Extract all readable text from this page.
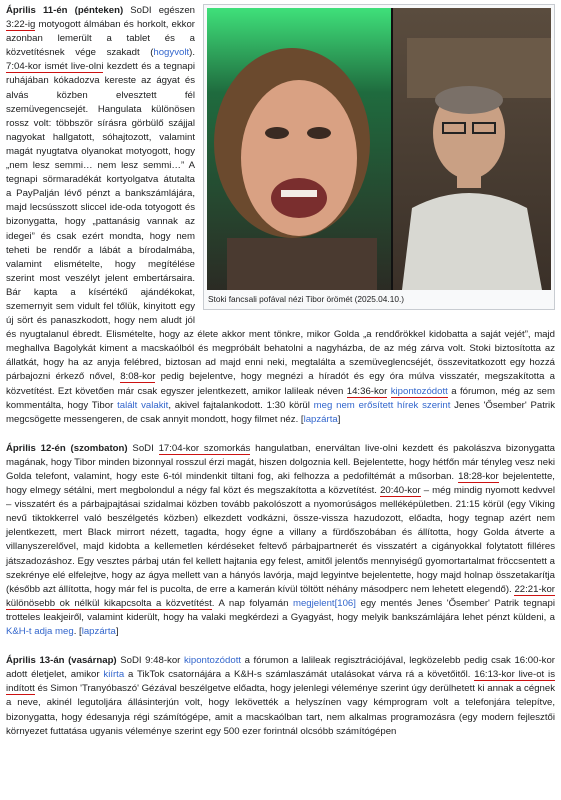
Stoki fancsali pofával nézi Tibor örömét (2025.04.10.)

Április 11-én (pénteken) SoDI egészen 3:22-ig motyogott álmában és horkolt, ekkor azonban lemerült a tablet és a közvetítésnek vége szakadt (hogyvolt). 7:04-kor ismét live-olni kezdett és a tegnapi ruhájában kókadozva kerestе az ágyat és alvás közben elvesztett fél szemüvegencsejét. Hangulata különösen rossz volt: többször sírásra görbülő szájjal nagyokat hallgatott, sóhajtozott, valamint magát nyugtatva olyanokat motyogott, hogy „nem lesz semmi… nem lesz semmi…” A tegnapi sörmaradékát kortyolgatva átutalta a PayPalján lévő pénzt a bankszámlájára, majd lecsússzott sliccel ide-oda totyogott és bizonygatta, hogy „pattanásig vannak az idegei” és csak ezért mondta, hogy nem teheti be rendőr a lábát a bírodalmába, valamint elismételte, hogy megítélése szerint most veszélyt jelent embertársaira. Bár kapta a kísértékű ajándékokat, szemernyit sem vidult fel tőlük, kinyitott egy új sört és panaszkodott, hogy nem aludt jól és nyugtalanul ébredt. Elismételte, hogy az élete akkor ment tönkre, mikor Golda „a rendőrökkel kidobatta a saját vejét”, majd meghallva Bagolykát kiment a macskaólból és megpróbált behatolni a nagyházba, de az még zárva volt. Stoki biztosította az állatkát, hogy ha az anyja felébred, biztosan ad majd enni neki, megtalálta a szemüveglencséjét, összevitatkozott egy hozzá párbajozni érkező nővel, 8:08-kor pedig bejelentve, hogy megnézi a híradót és egy óra múlva visszatér, megszakította a közvetítést. Ezt követően már csak egyszer jelentkezett, amikor lalileak néven 14:36-kor kipontozódott a fórumon, még az sem kommentálta, hogy Tibor talált valakit, akivel fajtalankodott. 1:30 körül meg nem erősített hírek szerint Jenes 'Ősember' Patrik megcsögette messengeren, de csak annyit mondott, hogy filmet néz. [lapzárta]

Április 12-én (szombaton) SoDI 17:04-kor szomorkás hangulatban, enerváltan live-olni kezdett és pakolászva bizonygatta magának, hogy Tibor minden bizonnyal rosszul érzi magát, hiszen dolgoznia kell. Bejelentette, hogy hétfőn már tényleg vesz neki Golda telefont, valamint, hogy este 6-tól mindenkit tiltani fog, aki felhozza a pedofiltémát a műsorban. 18:28-kor bejelentette, hogy elmegy sétálni, mert megbolondul a négy fal közt és megszakította a közvetítést. 20:40-kor – még mindig nyomott kedvvel – visszatért és a párbajpajtásai szidalmai közben tovább pakolószott a nyomorúságos melléképületben. 21:15 körül (egy Viking nevű tiktokkerrel való beszélgetés közben) elkezdett vodkázni, össze-vissza hazudozott, előadta, hogy tegnap azért nem jelentkezett, mert Black mirrort nézett, tagadta, hogy égne a villany a fürdőszobában és állította, hogy Golda átverte a villanyszerelővel, majd kidobta a kellemetlen kérdéseket feltevő párbajpartnerét és visszatért a cigányokkal folytatott filléres játszadozáshoz. Egy vesztes párbaj után fel kellett hajtania egy felest, amitől jelentős mennyiségű gyomortartalmat fröccsentett a szekrénye elé elfelejtve, hogy az ágya mellett van a hányós lavórja, majd legyintve bejelentette, hogy majd holnap összetakarítja (később azt állította, hogy már fel is pucolta, de erre a kamerán kívül töltött néhány másodperc nem lehetett elegendő). 22:21-kor különösebb ok nélkül kikapcsolta a közvetítést. A nap folyamán megjelent[106] egy mentés Jenes 'Ősember' Patrik tegnapi trotteles leakjeiről, valamint kiderült, hogy ha valaki megkérdezi a Gyagyást, hogy melyik bankszámlájára lehet pénzt küldeni, a K&H-t adja meg. [lapzárta]

Április 13-án (vasárnap) SoDI 9:48-kor kipontozódott a fórumon a lalileak regisztrációjával, legközelebb pedig csak 16:00-kor adott életjelet, amikor kiírta a TikTok csatornájára a K&H-s számlaszámát utalásokat várva rá a követőitől. 16:13-kor live-ot is indított és Simon 'Tranyóbaszó' Gézával beszélgetve előadta, hogy jelenlegi véleménye szerint úgy derülhetett ki annak a cégnek a neve, akinél legutoljára állásinterjún volt, hogy lekövették a helyszínen vagy kémprogram volt a telefonjára telepítve, bizonygatta, hogy édesanyja régi számítógépe, amit a macskaólban tart, nem alkalmas programozásra (egy modern fejlesztői környezet futtatása ugyanis véleménye szerint egy 500 ezer forintnál olcsóbb számítógépen
